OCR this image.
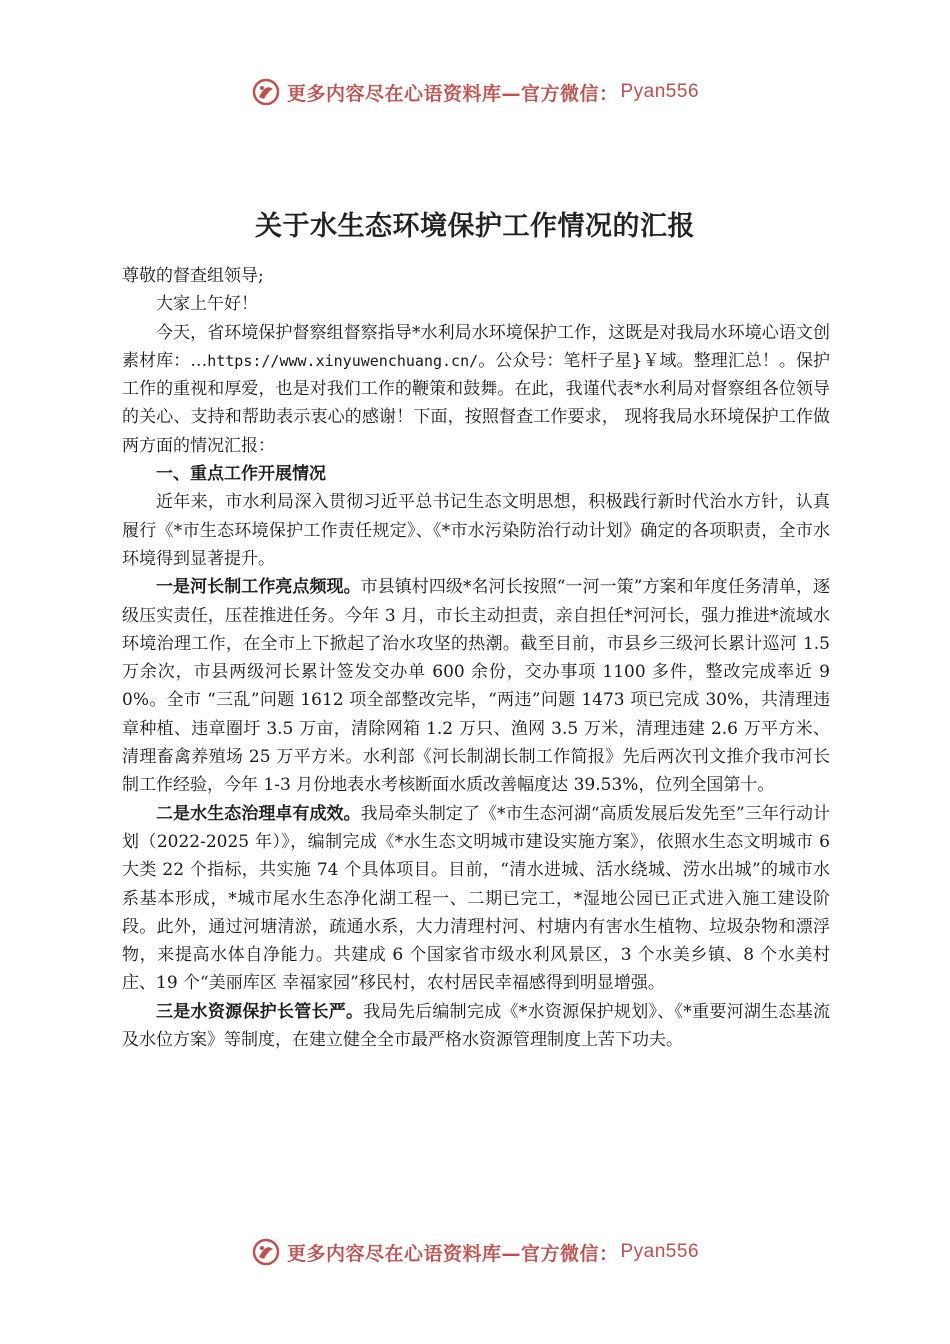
更多内容尽在心语资料库—官方微信： Pyan556
关于水生态环境保护工作情况的汇报

尊敬的督查组领导;

大家上午好！

今天，省环境保护督察组督察指导*水利局水环境保护工作，这既是对我局水环境心语文创素材库：…https://www.xinyuwenchuang.cn/。公众号：笔杆子星}￥域。整理汇总！。保护工作的重视和厚爱，也是对我们工作的鞭策和鼓舞。在此，我谨代表*水利局对督察组各位领导的关心、支持和帮助表示衷心的感谢！下面，按照督查工作要求， 现将我局水环境保护工作做两方面的情况汇报：

一、重点工作开展情况

近年来，市水利局深入贯彻习近平总书记生态文明思想，积极践行新时代治水方针，认真履行《*市生态环境保护工作责任规定》、《*市水污染防治行动计划》确定的各项职责，全市水环境得到显著提升。

一是河长制工作亮点频现。市县镇村四级*名河长按照“一河一策”方案和年度任务清单，逐级压实责任，压茬推进任务。今年 3 月，市长主动担责，亲自担任*河河长，强力推进*流域水环境治理工作，在全市上下掀起了治水攻坚的热潮。截至目前，市县乡三级河长累计巡河 1.5 万余次，市县两级河长累计签发交办单 600 余份，交办事项 1100 多件，整改完成率近 90%。全市 “三乱”问题 1612 项全部整改完毕，“两违”问题 1473 项已完成 30%，共清理违章种植、违章圈圩 3.5 万亩，清除网箱 1.2 万只、渔网 3.5 万米，清理违建 2.6 万平方米、清理畜禽养殖场 25 万平方米。水利部《河长制湖长制工作简报》先后两次刊文推介我市河长制工作经验，今年 1-3 月份地表水考核断面水质改善幅度达 39.53%，位列全国第十。

二是水生态治理卓有成效。我局牵头制定了《*市生态河湖“高质发展后发先至”三年行动计划（2022-2025 年）》，编制完成《*水生态文明城市建设实施方案》，依照水生态文明城市 6 大类 22 个指标，共实施 74 个具体项目。目前，“清水进城、活水绕城、涝水出城”的城市水系基本形成，*城市尾水生态净化湖工程一、二期已完工，*湿地公园已正式进入施工建设阶段。此外，通过河塘清淤，疏通水系，大力清理村河、村塘内有害水生植物、垃圾杂物和漂浮物，来提高水体自净能力。共建成 6 个国家省市级水利风景区，3 个水美乡镇、8 个水美村庄、19 个“美丽库区 幸福家园”移民村，农村居民幸福感得到明显增强。

三是水资源保护长管长严。我局先后编制完成《*水资源保护规划》、《*重要河湖生态基流及水位方案》等制度，在建立健全全市最严格水资源管理制度上苦下功夫。

更多内容尽在心语资料库—官方微信： Pyan556
